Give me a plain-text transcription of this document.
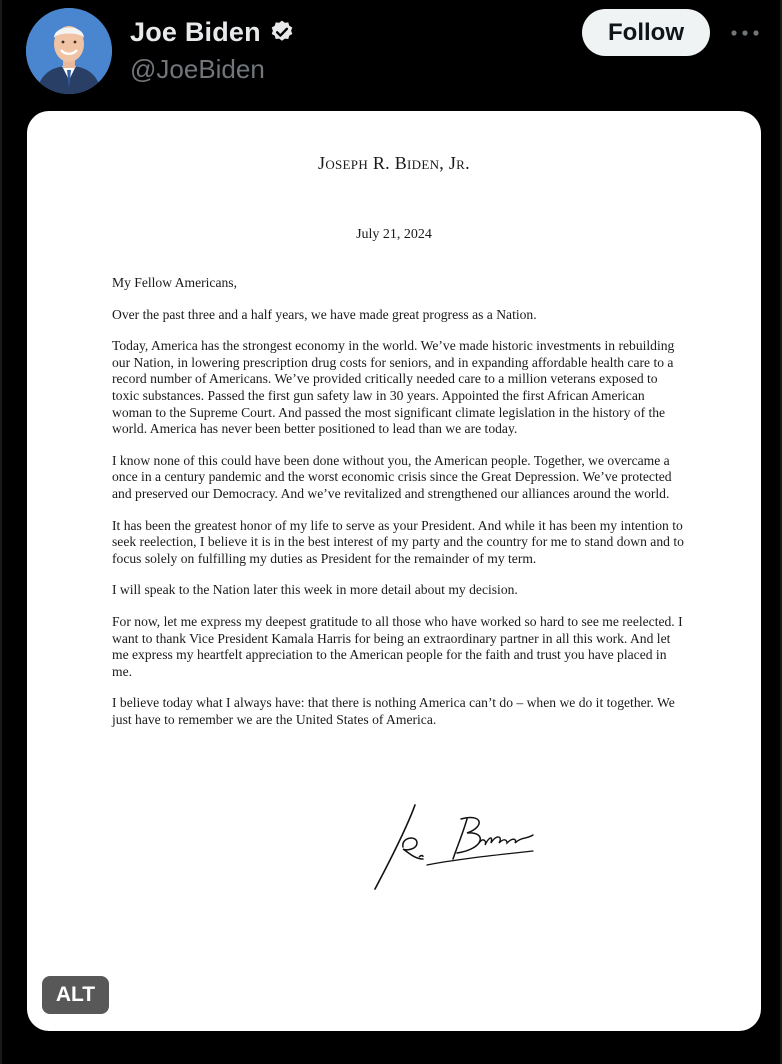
Joe Biden
@JoeBiden
Follow
Joseph R. Biden, Jr.
July 21, 2024

My Fellow Americans,

Over the past three and a half years, we have made great progress as a Nation.

Today, America has the strongest economy in the world. We’ve made historic investments in rebuilding our Nation, in lowering prescription drug costs for seniors, and in expanding affordable health care to a record number of Americans. We’ve provided critically needed care to a million veterans exposed to toxic substances. Passed the first gun safety law in 30 years. Appointed the first African American woman to the Supreme Court. And passed the most significant climate legislation in the history of the world. America has never been better positioned to lead than we are today.

I know none of this could have been done without you, the American people. Together, we overcame a once in a century pandemic and the worst economic crisis since the Great Depression. We’ve protected and preserved our Democracy. And we’ve revitalized and strengthened our alliances around the world.

It has been the greatest honor of my life to serve as your President. And while it has been my intention to seek reelection, I believe it is in the best interest of my party and the country for me to stand down and to focus solely on fulfilling my duties as President for the remainder of my term.

I will speak to the Nation later this week in more detail about my decision.

For now, let me express my deepest gratitude to all those who have worked so hard to see me reelected. I want to thank Vice President Kamala Harris for being an extraordinary partner in all this work. And let me express my heartfelt appreciation to the American people for the faith and trust you have placed in me.

I believe today what I always have: that there is nothing America can’t do – when we do it together. We just have to remember we are the United States of America.

ALT
